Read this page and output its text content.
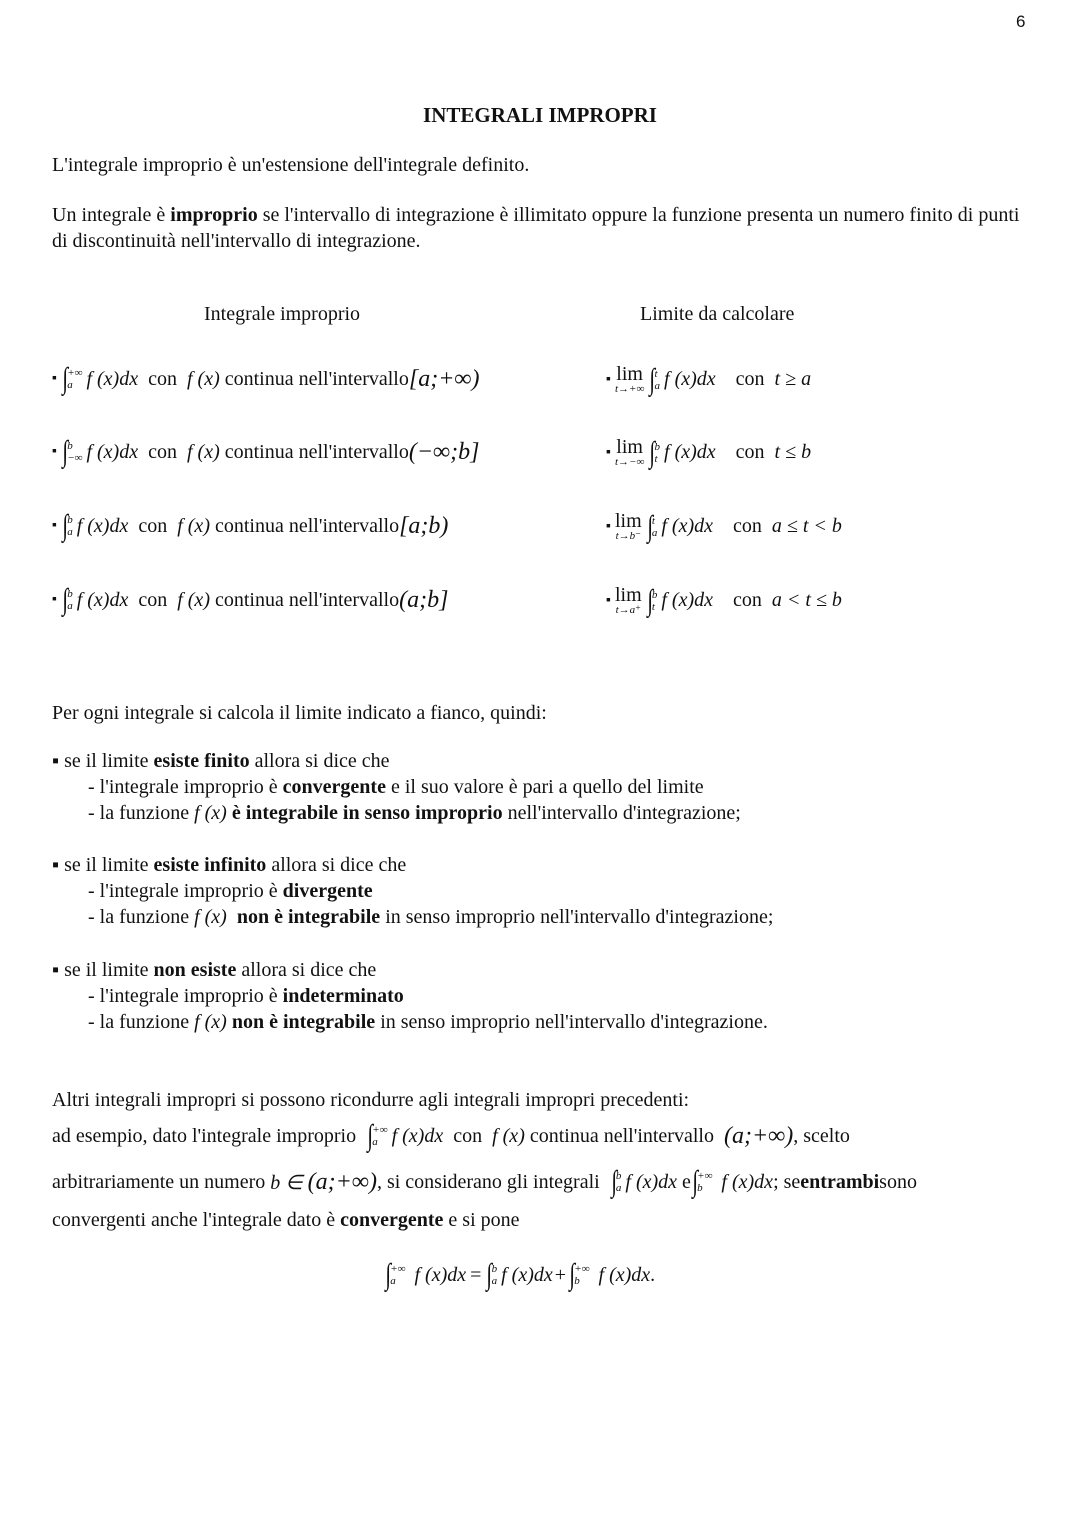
6
INTEGRALI IMPROPRI
L'integrale improprio è un'estensione dell'integrale definito.
Un integrale è improprio se l'intervallo di integrazione è illimitato oppure la funzione presenta un numero finito di punti di discontinuità nell'intervallo di integrazione.
Integrale improprio	Limite da calcolare
▪ ∫ +∞
a f (x)dx
con
f (x)
continua nell'intervallo [a;+∞)
▪ ∫ b
−∞ f (x)dx
con
f (x)
continua nell'intervallo (−∞;b]
▪ ∫ b
a f (x)dx
con
f (x)
continua nell'intervallo [a;b)
▪ ∫ b
a f (x)dx
con
f (x)
continua nell'intervallo (a;b]
▪ lim
t→+∞ ∫ t
a f (x)dx
con
t ≥ a
▪ lim
t→−∞ ∫ b
t f (x)dx
con
t ≤ b
▪ lim
t→b⁻ ∫ t
a f (x)dx
con
a ≤ t < b
▪ lim
t→a⁺ ∫ b
t f (x)dx
con
a < t ≤ b
Per ogni integrale si calcola il limite indicato a fianco, quindi:
▪ se il limite esiste finito allora si dice che
- l'integrale improprio è convergente e il suo valore è pari a quello del limite
- la funzione f (x) è integrabile in senso improprio nell'intervallo d'integrazione;
▪ se il limite esiste infinito allora si dice che
- l'integrale improprio è divergente
- la funzione f (x) non è integrabile in senso improprio nell'intervallo d'integrazione;
▪ se il limite non esiste allora si dice che
- l'integrale improprio è indeterminato
- la funzione f (x) non è integrabile in senso improprio nell'intervallo d'integrazione.
Altri integrali impropri si possono ricondurre agli integrali impropri precedenti:
ad esempio, dato l'integrale improprio
∫ +∞
a f (x)dx
con
f (x)
continua nell'intervallo
(a;+∞) , scelto
arbitrariamente un numero
b ∈
(a;+∞) , si considerano gli integrali
∫ b
a f (x)dx
e ∫ +∞
b
f (x)dx ; se entrambi sono
convergenti anche l'integrale dato è convergente e si pone
∫ +∞
a
f (x)dx = ∫ b
a f (x)dx + ∫ +∞
b
f (x)dx .
